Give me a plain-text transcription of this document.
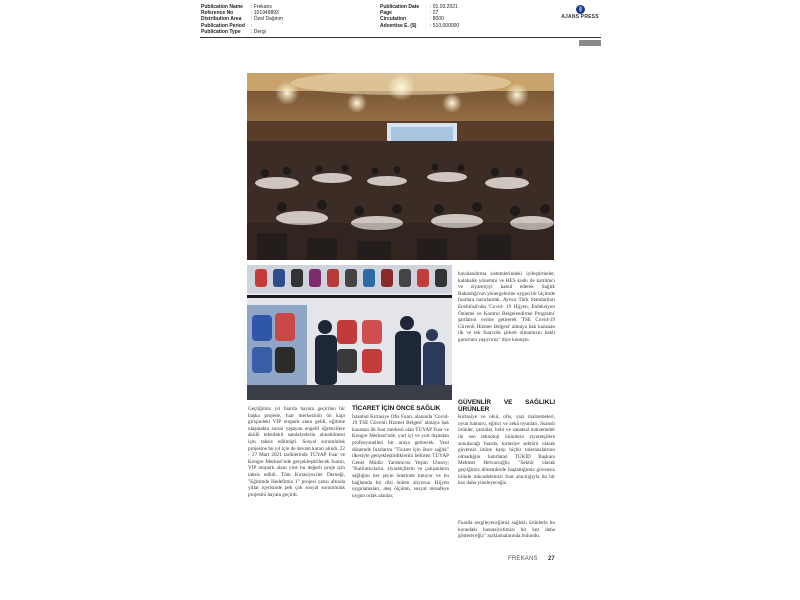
Publication Name	: Frekans
Reference No	: 101949893
Distribution Area	: Özel Dağıtım
Publication Period	:
Publication Type	: Dergi
Publication Date	: 01.03.2021
Page	: 27
Circulation	: 8000
Advertise E. ($)	: 510,000000
AJANS PRESS

havalandırma sistemlerindeki iyileştirmeler, kalabalık yönetimi ve HES kodu ile katılımcı ve ziyaretçiyi kabul ederek Sağlık Bakanlığı'nın yönergelerine uygun bir biçimde fuarlara hazırlandık. Ayrıca Türk Standartları Enstitüsü'nün 'Covid- 19 Hijyen, Enfeksiyon Önleme ve Kontrol Belgelendirme Programı' şartlarını yerine getirerek 'TSE Covid-19 Güvenli Hizmet Belgesi' almaya hak kazanan ilk ve tek fuarcılık şirketi olmamızın haklı gururunu yaşıyoruz" diye konuştu.

Geçtiğimiz yıl fuarda hayata geçirilen bir başka projede, fuar merkezinin ön kapı girişindeki VIP otopark alanı geldi, eğitime ulaşmakta sorun yaşayan engelli öğrencilere akülü tekerlekli sandalyelerin alınabilmesi için tahsis edilmişti. Sosyal sorumluluk projesine bu yıl için de devam kararı alındı. 22 - 27 Mart 2021 tarihlerinde TÜYAP Fuar ve Kongre Merkezi'nde gerçekleştirilecek fuarın, VIP otopark alanı yine bu değerli proje için tahsis edildi. Tüm Kırtasiyeciler Derneği, "Eğitimde Hedefimiz 1" projesi çatısı altında yıllar içerisinde pek çok sosyal sorumluluk projesini hayata geçirdi.

TİCARET İÇİN ÖNCE SAĞLIK

İstanbul Kırtasiye Ofis Fuarı, alanında 'Covid-19 TSE Güvenli Hizmet Belgesi' almaya hak kazanan ilk fuar merkezi olan TÜYAP Fuar ve Kongre Merkezi'nde, yurt içi ve yurt dışından profesyonelleri bir araya getirecek. Yeni dönemde fuarlarını "Ticaret için önce sağlık" ilkesiyle gerçekleştirdiklerini belirten TÜYAP Genel Müdür Yardımcısı Yeşim Ulusoy; "Katılımcıların, ziyaretçilerin ve çalışanların sağlığını her şeyin önerinde tutuyor ve bu bağlamda bir dizi önlem alıyoruz. Hijyen uygulamaları, ateş ölçümü, sosyal mesafeye uygun ortak alanlar,

GÜVENLİR VE SAĞLIKLI ÜRÜNLER

Kırtasiye ve okul, ofis, yazı malzemeleri, oyun hamuru, eğitici ve zekâ oyunları, lisanslı ürünler, çantalar, hobi ve sanatsal malzemeler ile son teknoloji ürünlerin ziyaretçilere sunulacağı fuarda, kırtasiye sektörü olarak güvensiz ürüne karşı hiçbir toleranslarının olmadığını hatırlatan TÜKİD Başkanı Mehmet Helvacıoğlu; "Sektör olarak geçtiğimiz dönemlerde başlattığımız güvensiz ürünle mücadelemizi fuar aracılığıyla da bir kez daha yineleyeceğiz.

Fuarda sergileyeceğimiz sağlıklı ürünlerle bu konudaki hassasiyetimizi bir kez daha göstereceğiz" açıklamalarında bulundu.

FREKANS 27
